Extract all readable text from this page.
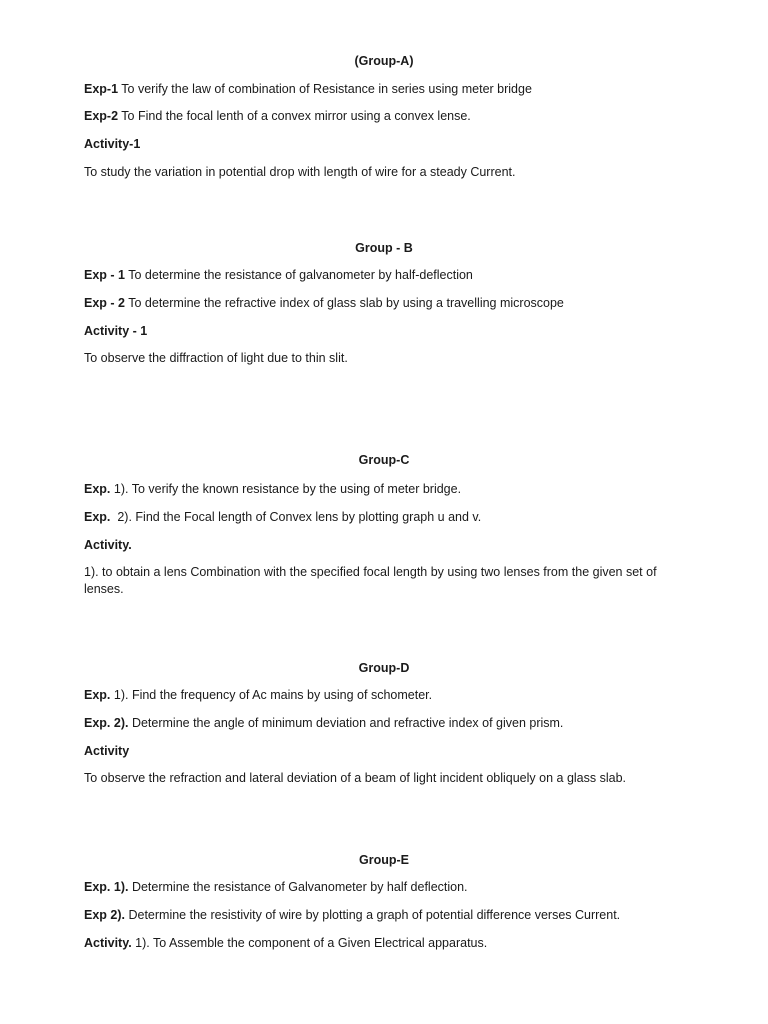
(Group-A)
Exp-1 To verify the law of combination of Resistance in series using meter bridge
Exp-2 To Find the focal lenth of a convex mirror using a convex lense.
Activity-1
To study the variation in potential drop with length of wire for a steady Current.
Group - B
Exp - 1 To determine the resistance of galvanometer by half-deflection
Exp - 2 To determine the refractive index of glass slab by using a travelling microscope
Activity - 1
To observe the diffraction of light due to thin slit.
Group-C
Exp. 1). To verify the known resistance by the using of meter bridge.
Exp.  2). Find the Focal length of Convex lens by plotting graph u and v.
Activity.
1). to obtain a lens Combination with the specified focal length by using two lenses from the given set of lenses.
Group-D
Exp. 1). Find the frequency of Ac mains by using of schometer.
Exp. 2). Determine the angle of minimum deviation and refractive index of given prism.
Activity
To observe the refraction and lateral deviation of a beam of light incident obliquely on a glass slab.
Group-E
Exp. 1). Determine the resistance of Galvanometer by half deflection.
Exp 2). Determine the resistivity of wire by plotting a graph of potential difference verses Current.
Activity. 1). To Assemble the component of a Given Electrical apparatus.
